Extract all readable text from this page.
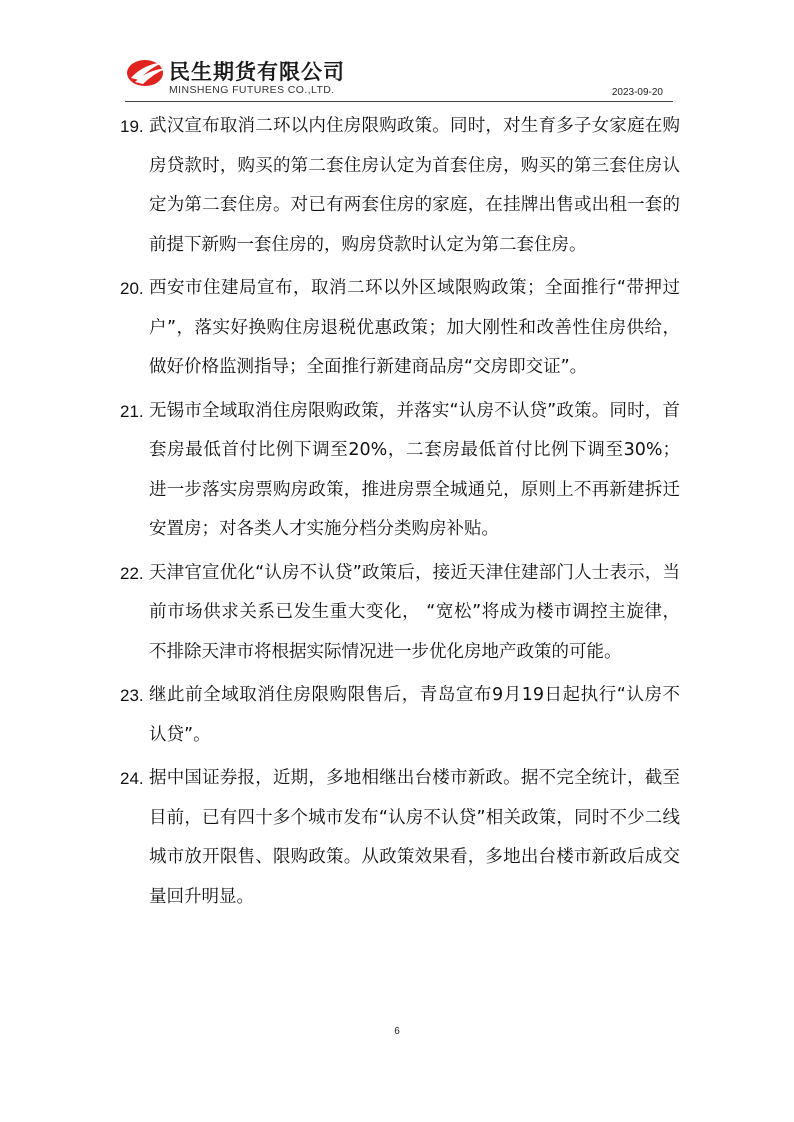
民生期货有限公司
MINSHENG FUTURES CO.,LTD.	2023-09-20
19. 武汉宣布取消二环以内住房限购政策。同时，对生育多子女家庭在购房贷款时，购买的第二套住房认定为首套住房，购买的第三套住房认定为第二套住房。对已有两套住房的家庭，在挂牌出售或出租一套的前提下新购一套住房的，购房贷款时认定为第二套住房。
20. 西安市住建局宣布，取消二环以外区域限购政策；全面推行“带押过户”，落实好换购住房退税优惠政策；加大刚性和改善性住房供给，做好价格监测指导；全面推行新建商品房“交房即交证”。
21. 无锡市全域取消住房限购政策，并落实“认房不认贷”政策。同时，首套房最低首付比例下调至20%，二套房最低首付比例下调至30%；进一步落实房票购房政策，推进房票全城通兑，原则上不再新建拆迁安置房；对各类人才实施分档分类购房补贴。
22. 天津官宣优化“认房不认贷”政策后，接近天津住建部门人士表示，当前市场供求关系已发生重大变化， “宽松”将成为楼市调控主旋律，不排除天津市将根据实际情况进一步优化房地产政策的可能。
23. 继此前全域取消住房限购限售后，青岛宣布9月19日起执行“认房不认贷”。
24. 据中国证券报，近期，多地相继出台楼市新政。据不完全统计，截至目前，已有四十多个城市发布“认房不认贷”相关政策，同时不少二线城市放开限售、限购政策。从政策效果看，多地出台楼市新政后成交量回升明显。
6
